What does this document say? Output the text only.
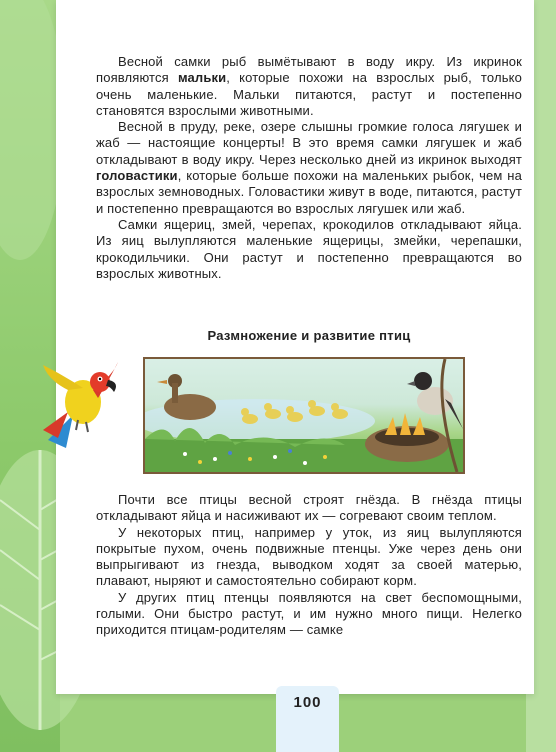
Весной самки рыб вымётывают в воду икру. Из икринок появляются мальки, которые похожи на взрослых рыб, только очень маленькие. Мальки питаются, растут и постепенно становятся взрослыми животными.

Весной в пруду, реке, озере слышны громкие голоса лягушек и жаб — настоящие концерты! В это время самки лягушек и жаб откладывают в воду икру. Через несколько дней из икринок выходят головастики, которые больше похожи на маленьких рыбок, чем на взрослых земноводных. Головастики живут в воде, питаются, растут и постепенно превращаются во взрослых лягушек или жаб.

Самки ящериц, змей, черепах, крокодилов откладывают яйца. Из яиц вылупляются маленькие ящерицы, змейки, черепашки, крокодильчики. Они растут и постепенно превращаются во взрослых животных.

Размножение и развитие птиц

Почти все птицы весной строят гнёзда. В гнёзда птицы откладывают яйца и насиживают их — согревают своим теплом.

У некоторых птиц, например у уток, из яиц вылупляются покрытые пухом, очень подвижные птенцы. Уже через день они выпрыгивают из гнезда, выводком ходят за своей матерью, плавают, ныряют и самостоятельно собирают корм.

У других птиц птенцы появляются на свет беспомощными, голыми. Они быстро растут, и им нужно много пищи. Нелегко приходится птицам-родителям — самке

100
